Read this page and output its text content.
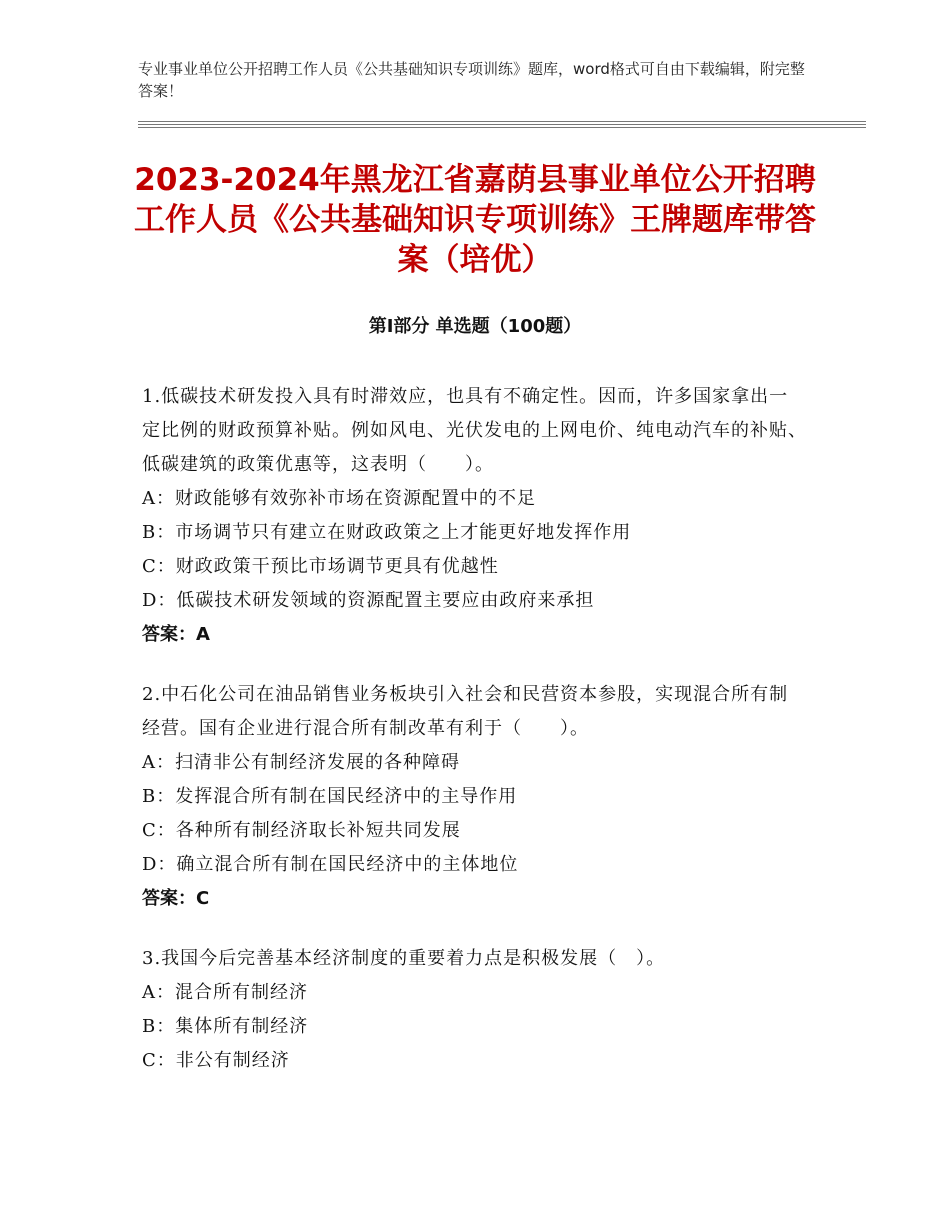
专业事业单位公开招聘工作人员《公共基础知识专项训练》题库，word格式可自由下载编辑，附完整答案！
2023-2024年黑龙江省嘉荫县事业单位公开招聘工作人员《公共基础知识专项训练》王牌题库带答案（培优）
第Ⅰ部分 单选题（100题）
1.低碳技术研发投入具有时滞效应，也具有不确定性。因而，许多国家拿出一定比例的财政预算补贴。例如风电、光伏发电的上网电价、纯电动汽车的补贴、低碳建筑的政策优惠等，这表明（　　）。
A：财政能够有效弥补市场在资源配置中的不足
B：市场调节只有建立在财政政策之上才能更好地发挥作用
C：财政政策干预比市场调节更具有优越性
D：低碳技术研发领域的资源配置主要应由政府来承担
答案：A
2.中石化公司在油品销售业务板块引入社会和民营资本参股，实现混合所有制经营。国有企业进行混合所有制改革有利于（　　）。
A：扫清非公有制经济发展的各种障碍
B：发挥混合所有制在国民经济中的主导作用
C：各种所有制经济取长补短共同发展
D：确立混合所有制在国民经济中的主体地位
答案：C
3.我国今后完善基本经济制度的重要着力点是积极发展（　）。
A：混合所有制经济
B：集体所有制经济
C：非公有制经济
